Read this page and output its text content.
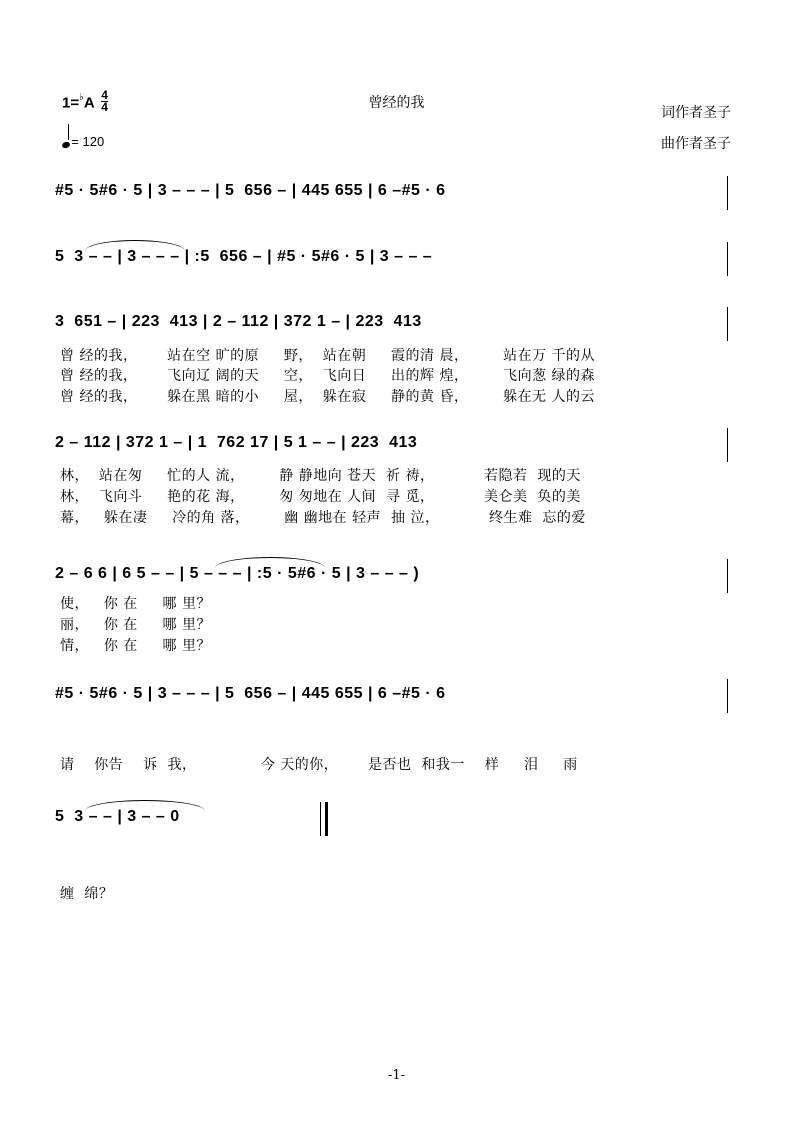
曾经的我
词作者圣子
曲作者圣子
$1=^♭A \frac{4}{4}$
= 120
#5 · 5#6 · 5 | 3 – – – | 5  656 – | 445 655 | 6 –#5 · 6
5  3 – – | 3 – – – | :5  656 – | #5 · 5#6 · 5 | 3 – – –
3  651 – | 223  413 | 2 – 112 | 372 1 – | 223  413
曾 经的我，      站在空 旷的原     野，  站在朝     霞的清 晨，       站在万 千的从
曾 经的我，      飞向辽 阔的天     空，  飞向日     出的辉 煌，       飞向葱 绿的森
曾 经的我，      躲在黑 暗的小     屋，  躲在寂     静的黄 昏，       躲在无 人的云
2 – 112 | 372 1 – | 1  762 17 | 5 1 – – | 223  413
林，  站在匆     忙的人 流，       静 静地向 苍天  祈 祷，          若隐若  现的天
林，  飞向斗     艳的花 海，       匆 匆地在 人间  寻 觅，          美仑美  奂的美
幕，   躲在凄     冷的角 落，       幽 幽地在 轻声  抽 泣，          终生难  忘的爱
2 – 6 6 | 6 5 – – | 5 – – – | :5 · 5#6 · 5 | 3 – – – )
使，   你 在     哪 里？
丽，   你 在     哪 里？
情，   你 在     哪 里？
#5 · 5#6 · 5 | 3 – – – | 5  656 – | 445 655 | 6 –#5 · 6
请    你告    诉  我，             今 天的你，      是否也  和我一    样     泪     雨
5  3 – – | 3 – – 0
缠  绵？
-1-
